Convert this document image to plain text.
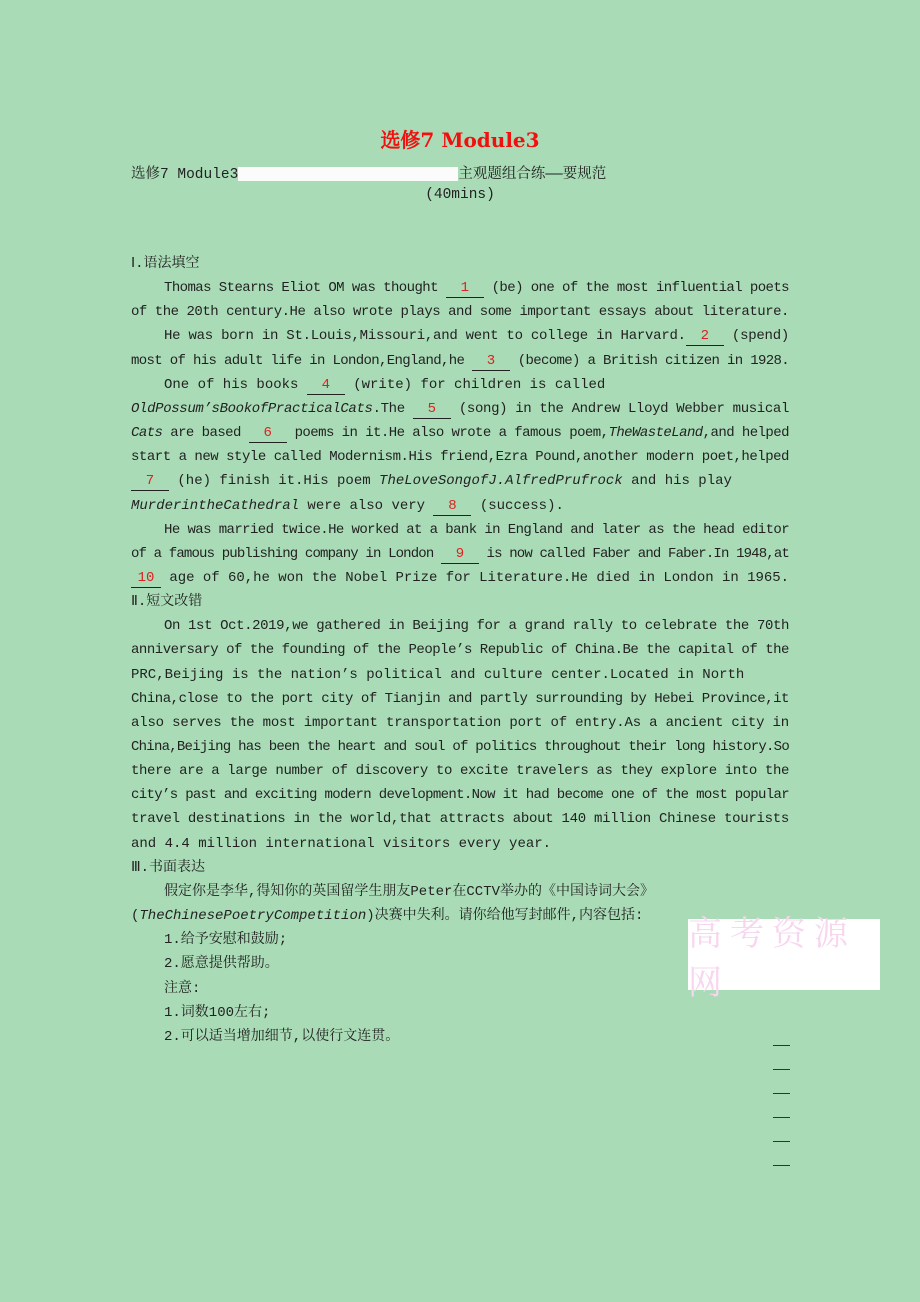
选修7 Module3
选修7 Module3	主观题组合练——要规范
(40mins)
Ⅰ.语法填空
Thomas Stearns Eliot OM was thought 1 (be) one of the most influential poets
of the 20th century.He also wrote plays and some important essays about literature.
He was born in St.Louis,Missouri,and went to college in Harvard. 2 (spend)
most of his adult life in London,England,he 3 (become) a British citizen in 1928.
One of his books 4 (write) for children is called
OldPossum’sBookofPracticalCats.The 5 (song) in the Andrew Lloyd Webber musical
Cats are based 6 poems in it.He also wrote a famous poem,TheWasteLand,and helped
start a new style called Modernism.His friend,Ezra Pound,another modern poet,helped
7 (he) finish it.His poem TheLoveSongofJ.AlfredPrufrock and his play
MurderintheCathedral were also very 8 (success).
He was married twice.He worked at a bank in England and later as the head editor
of a famous publishing company in London 9 is now called Faber and Faber.In 1948,at
10 age of 60,he won the Nobel Prize for Literature.He died in London in 1965.
Ⅱ.短文改错
On 1st Oct.2019,we gathered in Beijing for a grand rally to celebrate the 70th
anniversary of the founding of the People’s Republic of China.Be the capital of the
PRC,Beijing is the nation’s political and culture center.Located in North
China,close to the port city of Tianjin and partly surrounding by Hebei Province,it
also serves the most important transportation port of entry.As a ancient city in
China,Beijing has been the heart and soul of politics throughout their long history.So
there are a large number of discovery to excite travelers as they explore into the
city’s past and exciting modern development.Now it had become one of the most popular
travel destinations in the world,that attracts about 140 million Chinese tourists
and 4.4 million international visitors every year.
Ⅲ.书面表达
假定你是李华,得知你的英国留学生朋友Peter在CCTV举办的《中国诗词大会》
(TheChinesePoetryCompetition)决赛中失利。请你给他写封邮件,内容包括:
1.给予安慰和鼓励;
2.愿意提供帮助。
注意:
1.词数100左右;
2.可以适当增加细节,以使行文连贯。
高考资源网
